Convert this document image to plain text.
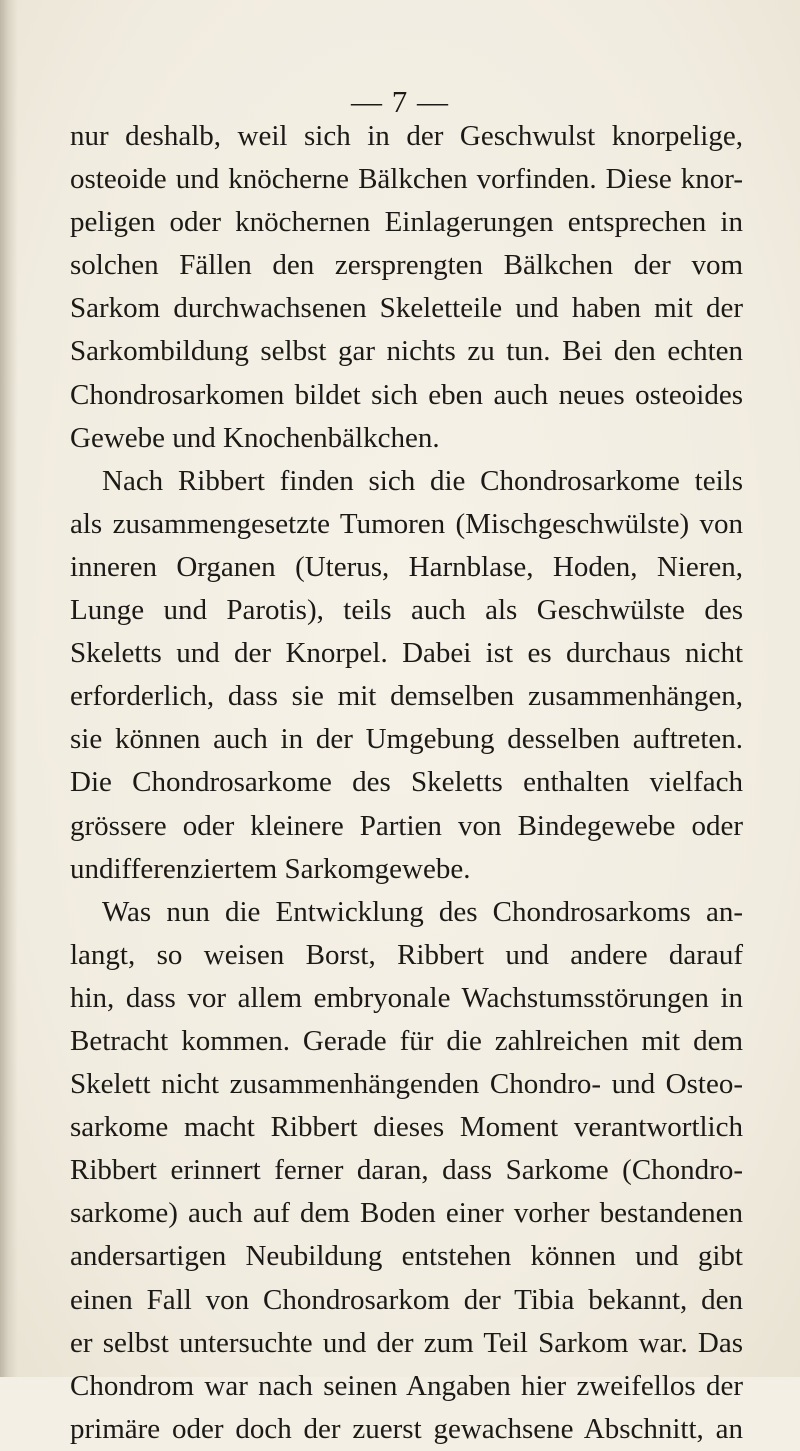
— 7 —
nur deshalb, weil sich in der Geschwulst knorpelige,
osteoide und knöcherne Bälkchen vorfinden. Diese knor-
peligen oder knöchernen Einlagerungen entsprechen in
solchen Fällen den zersprengten Bälkchen der vom
Sarkom durchwachsenen Skeletteile und haben mit der
Sarkombildung selbst gar nichts zu tun. Bei den echten
Chondrosarkomen bildet sich eben auch neues osteoides
Gewebe und Knochenbälkchen.
Nach Ribbert finden sich die Chondrosarkome teils
als zusammengesetzte Tumoren (Mischgeschwülste) von
inneren Organen (Uterus, Harnblase, Hoden, Nieren,
Lunge und Parotis), teils auch als Geschwülste des
Skeletts und der Knorpel. Dabei ist es durchaus nicht
erforderlich, dass sie mit demselben zusammenhängen,
sie können auch in der Umgebung desselben auftreten.
Die Chondrosarkome des Skeletts enthalten vielfach
grössere oder kleinere Partien von Bindegewebe oder
undifferenziertem Sarkomgewebe.
Was nun die Entwicklung des Chondrosarkoms an-
langt, so weisen Borst, Ribbert und andere darauf
hin, dass vor allem embryonale Wachstumsstörungen in
Betracht kommen. Gerade für die zahlreichen mit dem
Skelett nicht zusammenhängenden Chondro- und Osteo-
sarkome macht Ribbert dieses Moment verantwortlich
Ribbert erinnert ferner daran, dass Sarkome (Chondro-
sarkome) auch auf dem Boden einer vorher bestandenen
andersartigen Neubildung entstehen können und gibt
einen Fall von Chondrosarkom der Tibia bekannt, den
er selbst untersuchte und der zum Teil Sarkom war. Das
Chondrom war nach seinen Angaben hier zweifellos der
primäre oder doch der zuerst gewachsene Abschnitt, an
